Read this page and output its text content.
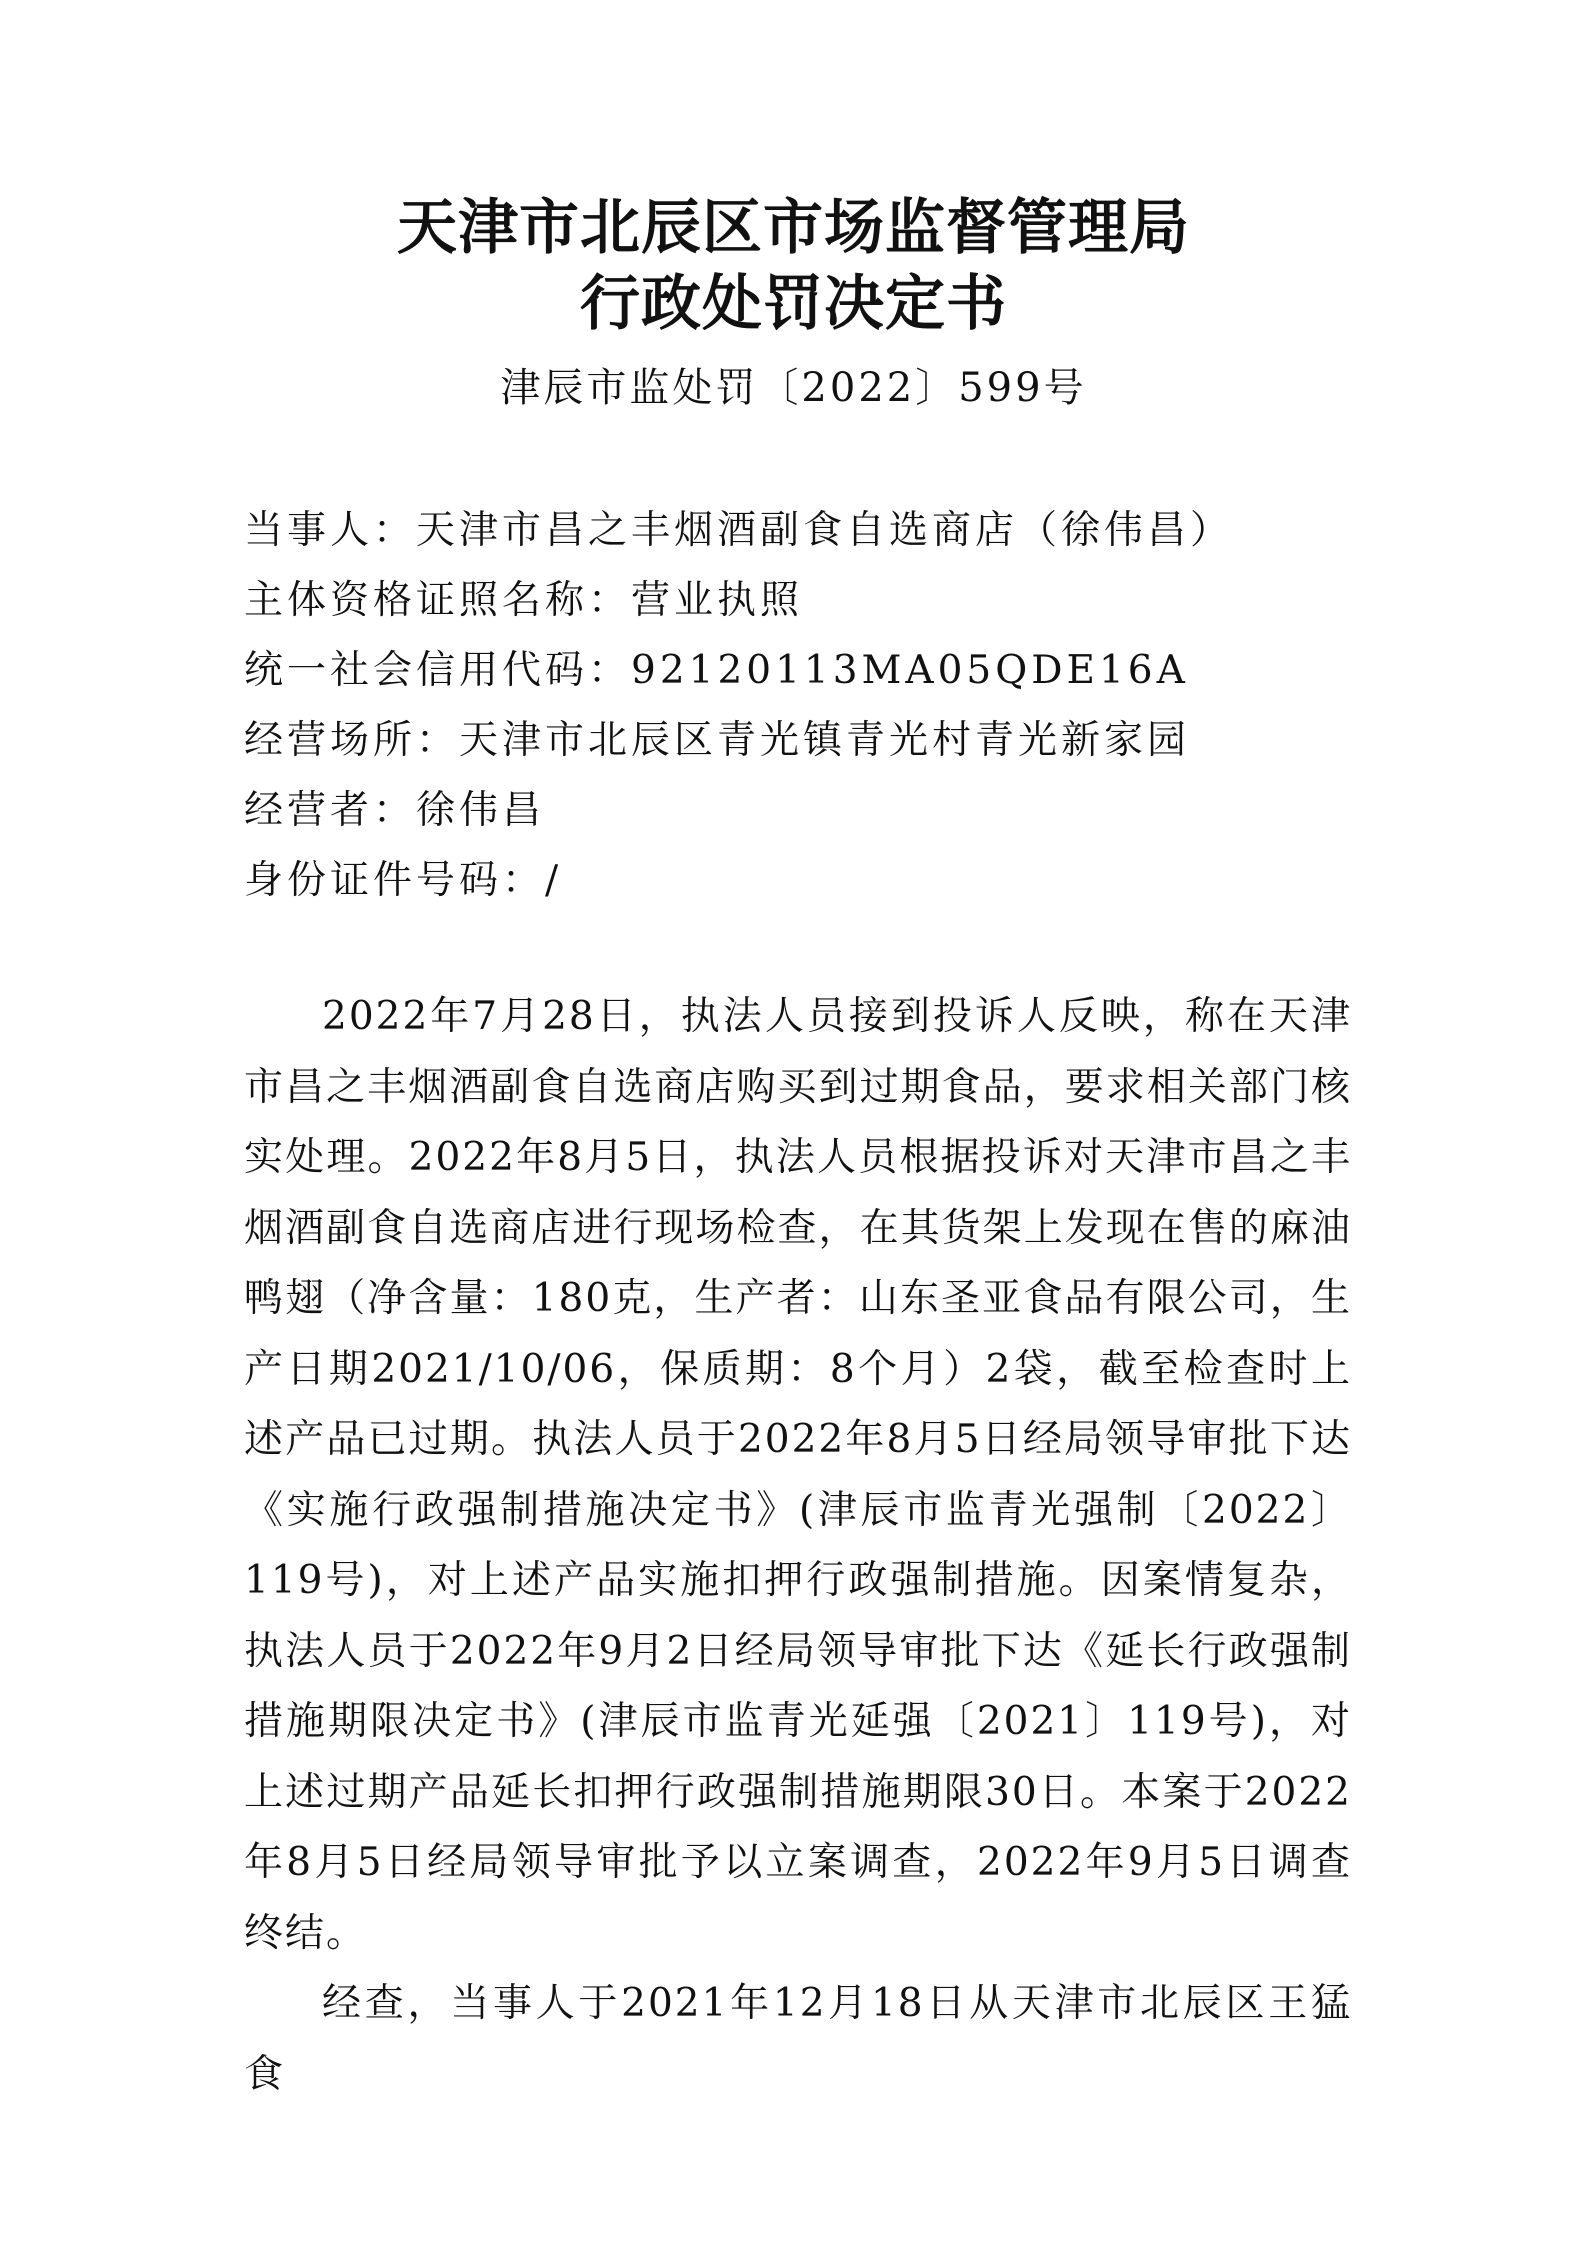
天津市北辰区市场监督管理局
行政处罚决定书
津辰市监处罚〔2022〕599号
当事人：天津市昌之丰烟酒副食自选商店（徐伟昌）
主体资格证照名称：营业执照
统一社会信用代码：92120113MA05QDE16A
经营场所：天津市北辰区青光镇青光村青光新家园
经营者：徐伟昌
身份证件号码：/

2022年7月28日，执法人员接到投诉人反映，称在天津市昌之丰烟酒副食自选商店购买到过期食品，要求相关部门核实处理。2022年8月5日，执法人员根据投诉对天津市昌之丰烟酒副食自选商店进行现场检查，在其货架上发现在售的麻油鸭翅（净含量：180克，生产者：山东圣亚食品有限公司，生产日期2021/10/06，保质期：8个月）2袋，截至检查时上述产品已过期。执法人员于2022年8月5日经局领导审批下达《实施行政强制措施决定书》(津辰市监青光强制〔2022〕119号)，对上述产品实施扣押行政强制措施。因案情复杂，执法人员于2022年9月2日经局领导审批下达《延长行政强制措施期限决定书》(津辰市监青光延强〔2021〕119号)，对上述过期产品延长扣押行政强制措施期限30日。本案于2022年8月5日经局领导审批予以立案调查，2022年9月5日调查终结。

经查，当事人于2021年12月18日从天津市北辰区王猛食
